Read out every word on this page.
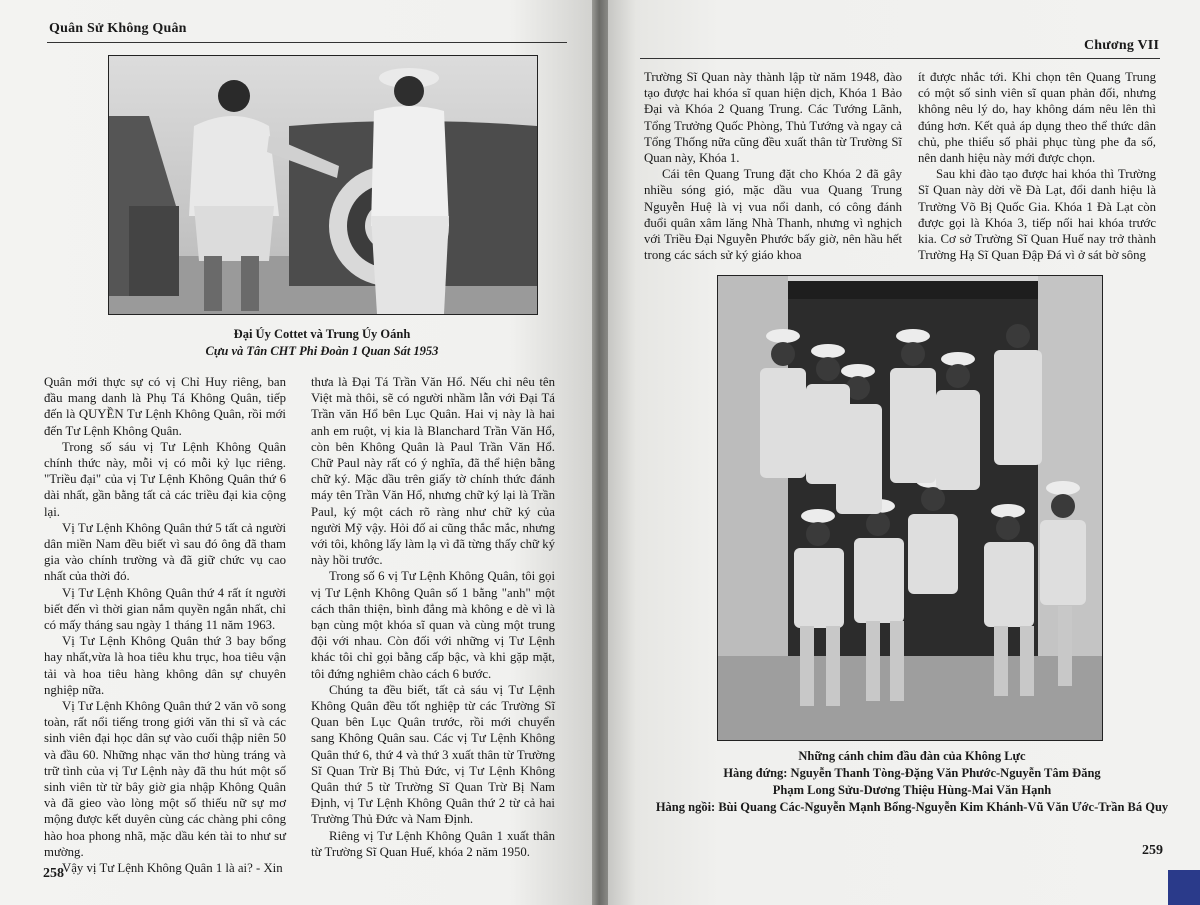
Quân Sử Không Quân
Đại Úy Cottet và Trung Úy Oánh
Cựu và Tân CHT Phi Đoàn 1 Quan Sát 1953

Quân mới thực sự có vị Chỉ Huy riêng, ban đầu mang danh là Phụ Tá Không Quân, tiếp đến là QUYỀN Tư Lệnh Không Quân, rồi mới đến Tư Lệnh Không Quân.

Trong số sáu vị Tư Lệnh Không Quân chính thức này, mỗi vị có mỗi kỷ lục riêng. "Triều đại" của vị Tư Lệnh Không Quân thứ 6 dài nhất, gần bằng tất cả các triều đại kia cộng lại.

Vị Tư Lệnh Không Quân thứ 5 tất cả người dân miền Nam đều biết vì sau đó ông đã tham gia vào chính trường và đã giữ chức vụ cao nhất của thời đó.

Vị Tư Lệnh Không Quân thứ 4 rất ít người biết đến vì thời gian nắm quyền ngắn nhất, chỉ có mấy tháng sau ngày 1 tháng 11 năm 1963.

Vị Tư Lệnh Không Quân thứ 3 bay bổng hay nhất,vừa là hoa tiêu khu trục, hoa tiêu vận tải và hoa tiêu hàng không dân sự chuyên nghiệp nữa.

Vị Tư Lệnh Không Quân thứ 2 văn võ song toàn, rất nổi tiếng trong giới văn thi sĩ và các sinh viên đại học dân sự vào cuối thập niên 50 và đầu 60. Những nhạc văn thơ hùng tráng và trữ tình của vị Tư Lệnh này đã thu hút một số sinh viên từ từ bây giờ gia nhập Không Quân và đã gieo vào lòng một số thiếu nữ sự mơ mộng được kết duyên cùng các chàng phi công hào hoa phong nhã, mặc dầu kén tài to như sư mường.

Vậy vị Tư Lệnh Không Quân 1 là ai? - Xin

thưa là Đại Tá Trần Văn Hổ. Nếu chỉ nêu tên Việt mà thôi, sẽ có người nhầm lẫn với Đại Tá Trần văn Hổ bên Lục Quân. Hai vị này là hai anh em ruột, vị kia là Blanchard Trần Văn Hổ, còn bên Không Quân là Paul Trần Văn Hổ. Chữ Paul này rất có ý nghĩa, đã thể hiện bằng chữ ký. Mặc dầu trên giấy tờ chính thức đánh máy tên Trần Văn Hổ, nhưng chữ ký lại là Trần Paul, ký một cách rõ ràng như chữ ký của người Mỹ vậy. Hỏi đố ai cũng thắc mắc, nhưng với tôi, không lấy làm lạ vì đã từng thấy chữ ký này hồi trước.

Trong số 6 vị Tư Lệnh Không Quân, tôi gọi vị Tư Lệnh Không Quân số 1 bằng "anh" một cách thân thiện, bình đẳng mà không e dè vì là bạn cùng một khóa sĩ quan và cùng một trung đội với nhau. Còn đối với những vị Tư Lệnh khác tôi chỉ gọi bằng cấp bậc, và khi gặp mặt, tôi đứng nghiêm chào cách 6 bước.

Chúng ta đều biết, tất cả sáu vị Tư Lệnh Không Quân đều tốt nghiệp từ các Trường Sĩ Quan bên Lục Quân trước, rồi mới chuyển sang Không Quân sau. Các vị Tư Lệnh Không Quân thứ 6, thứ 4 và thứ 3 xuất thân từ Trường Sĩ Quan Trừ Bị Thủ Đức, vị Tư Lệnh Không Quân thứ 5 từ Trường Sĩ Quan Trừ Bị Nam Định, vị Tư Lệnh Không Quân thứ 2 từ cả hai Trường Thủ Đức và Nam Định.

Riêng vị Tư Lệnh Không Quân 1 xuất thân từ Trường Sĩ Quan Huế, khóa 2 năm 1950.

258
Chương VII

Trường Sĩ Quan này thành lập từ năm 1948, đào tạo được hai khóa sĩ quan hiện dịch, Khóa 1 Bảo Đại và Khóa 2 Quang Trung. Các Tướng Lãnh, Tổng Trưởng Quốc Phòng, Thủ Tướng và ngay cả Tổng Thống nữa cũng đều xuất thân từ Trường Sĩ Quan này, Khóa 1.

Cái tên Quang Trung đặt cho Khóa 2 đã gây nhiều sóng gió, mặc dầu vua Quang Trung Nguyễn Huệ là vị vua nổi danh, có công đánh đuổi quân xâm lăng Nhà Thanh, nhưng vì nghịch với Triều Đại Nguyễn Phước bấy giờ, nên hầu hết trong các sách sử ký giáo khoa

ít được nhắc tới. Khi chọn tên Quang Trung có một số sinh viên sĩ quan phản đối, nhưng không nêu lý do, hay không dám nêu lên thì đúng hơn. Kết quả áp dụng theo thể thức dân chủ, phe thiểu số phải phục tùng phe đa số, nên danh hiệu này mới được chọn.

Sau khi đào tạo được hai khóa thì Trường Sĩ Quan này dời về Đà Lạt, đổi danh hiệu là Trường Võ Bị Quốc Gia. Khóa 1 Đà Lạt còn được gọi là Khóa 3, tiếp nối hai khóa trước kia. Cơ sở Trường Sĩ Quan Huế nay trở thành Trường Hạ Sĩ Quan Đập Đá vì ở sát bờ sông

Những cánh chim đầu đàn của Không Lực
Hàng đứng: Nguyễn Thanh Tòng-Đặng Văn Phước-Nguyễn Tâm Đăng
Phạm Long Sửu-Dương Thiệu Hùng-Mai Văn Hạnh
Hàng ngồi: Bùi Quang Các-Nguyễn Mạnh Bổng-Nguyễn Kim Khánh-Vũ Văn Ước-Trần Bá Quy
259
